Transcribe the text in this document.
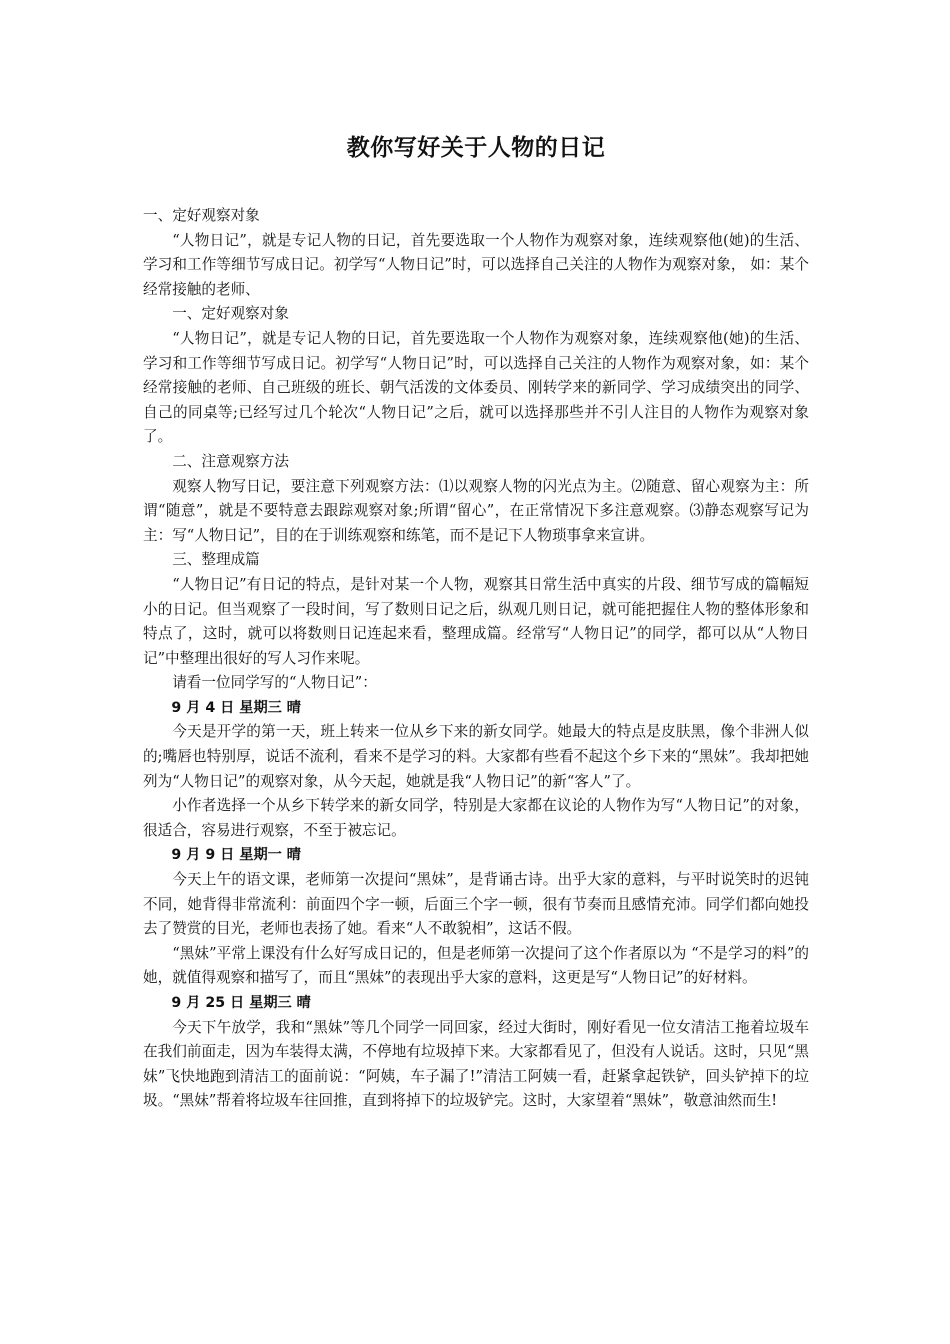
教你写好关于人物的日记
一、定好观察对象
“人物日记”，就是专记人物的日记，首先要选取一个人物作为观察对象，连续观察他(她)的生活、学习和工作等细节写成日记。初学写“人物日记”时，可以选择自己关注的人物作为观察对象， 如：某个经常接触的老师、
一、定好观察对象
“人物日记”，就是专记人物的日记，首先要选取一个人物作为观察对象，连续观察他(她)的生活、学习和工作等细节写成日记。初学写“人物日记”时，可以选择自己关注的人物作为观察对象，如：某个经常接触的老师、自己班级的班长、朝气活泼的文体委员、刚转学来的新同学、学习成绩突出的同学、自己的同桌等;已经写过几个轮次“人物日记”之后，就可以选择那些并不引人注目的人物作为观察对象了。
二、注意观察方法
观察人物写日记，要注意下列观察方法：⑴以观察人物的闪光点为主。⑵随意、留心观察为主：所谓“随意”，就是不要特意去跟踪观察对象;所谓“留心”，在正常情况下多注意观察。⑶静态观察写记为主：写“人物日记”，目的在于训练观察和练笔，而不是记下人物琐事拿来宣讲。
三、整理成篇
“人物日记”有日记的特点，是针对某一个人物，观察其日常生活中真实的片段、细节写成的篇幅短小的日记。但当观察了一段时间，写了数则日记之后，纵观几则日记，就可能把握住人物的整体形象和特点了，这时，就可以将数则日记连起来看，整理成篇。经常写“人物日记”的同学，都可以从“人物日记”中整理出很好的写人习作来呢。
请看一位同学写的“人物日记”：
9 月 4 日 星期三 晴
今天是开学的第一天，班上转来一位从乡下来的新女同学。她最大的特点是皮肤黑，像个非洲人似的;嘴唇也特别厚，说话不流利，看来不是学习的料。大家都有些看不起这个乡下来的“黑妹”。我却把她列为“人物日记”的观察对象，从今天起，她就是我“人物日记”的新“客人”了。
小作者选择一个从乡下转学来的新女同学，特别是大家都在议论的人物作为写“人物日记”的对象，很适合，容易进行观察，不至于被忘记。
9 月 9 日 星期一 晴
今天上午的语文课，老师第一次提问“黑妹”，是背诵古诗。出乎大家的意料，与平时说笑时的迟钝不同，她背得非常流利：前面四个字一顿，后面三个字一顿，很有节奏而且感情充沛。同学们都向她投去了赞赏的目光，老师也表扬了她。看来“人不敢貌相”，这话不假。
“黑妹”平常上课没有什么好写成日记的，但是老师第一次提问了这个作者原以为 “不是学习的料”的她，就值得观察和描写了，而且“黑妹”的表现出乎大家的意料，这更是写“人物日记”的好材料。
9 月 25 日 星期三 晴
今天下午放学，我和“黑妹”等几个同学一同回家，经过大街时，刚好看见一位女清洁工拖着垃圾车在我们前面走，因为车装得太满，不停地有垃圾掉下来。大家都看见了，但没有人说话。这时，只见“黑妹”飞快地跑到清洁工的面前说：“阿姨，车子漏了!”清洁工阿姨一看，赶紧拿起铁铲，回头铲掉下的垃圾。“黑妹”帮着将垃圾车往回推，直到将掉下的垃圾铲完。这时，大家望着“黑妹”，敬意油然而生!
